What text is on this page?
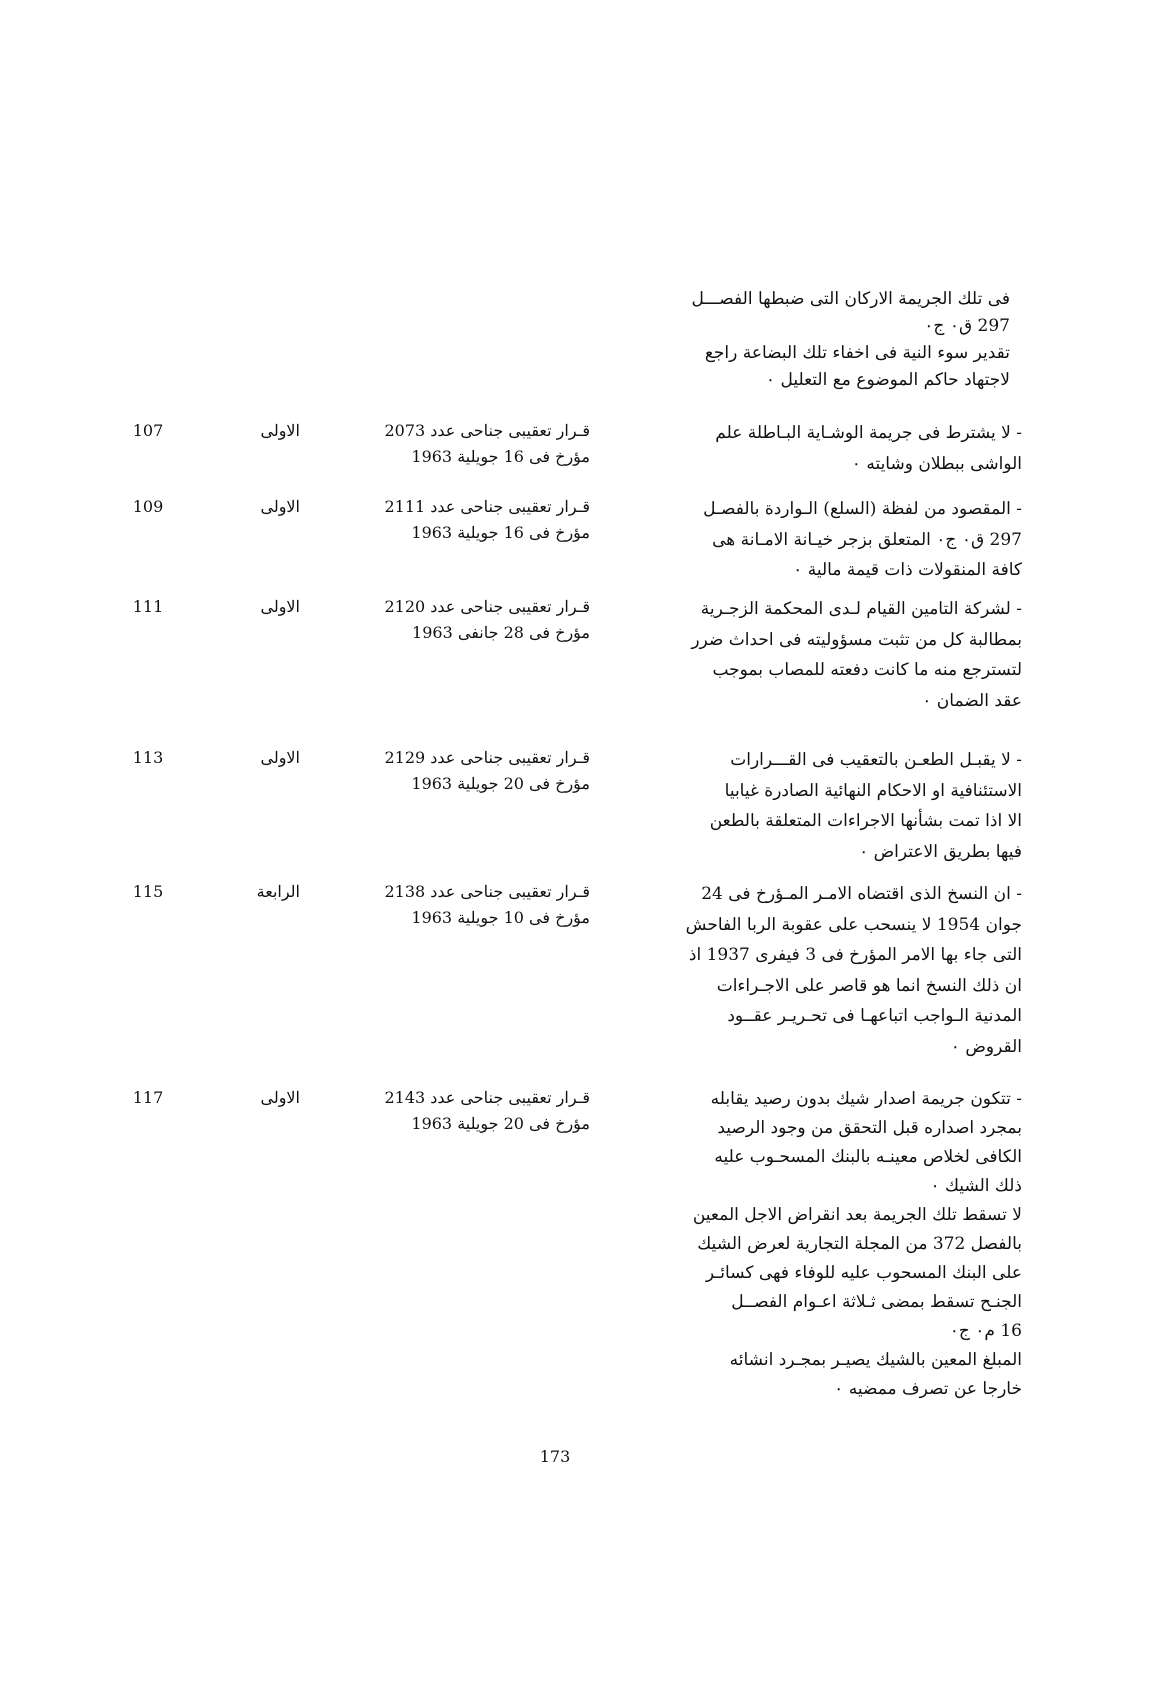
فى تلك الجريمة الاركان التى ضبطها الفصـــل

297 ق٠ ج٠

تقدير سوء النية فى اخفاء تلك البضاعة راجع

لاجتهاد حاكم الموضوع مع التعليل ٠

- لا يشترط فى جريمة الوشـاية البـاطلة علم

الواشى ببطلان وشايته ٠

قـرار تعقيبى جناحى عدد 2073
مؤرخ فى 16 جويلية 1963
الاولى
107

- المقصود من لفظة (السلع) الـواردة بالفصـل

297 ق٠ ج٠ المتعلق بزجر خيـانة الامـانة هى

كافة المنقولات ذات قيمة مالية ٠

قـرار تعقيبى جناحى عدد 2111
مؤرخ فى 16 جويلية 1963
الاولى
109

- لشركة التامين القيام لـدى المحكمة الزجـرية

بمطالبة كل من تثبت مسؤوليته فى احداث ضرر

لتسترجع منه ما كانت دفعته للمصاب بموجب

عقد الضمان ٠

قـرار تعقيبى جناحى عدد 2120
مؤرخ فى 28 جانفى 1963
الاولى
111

- لا يقبـل الطعـن بالتعقيب فى القـــرارات

الاستئنافية او الاحكام النهائية الصادرة غيابيا

الا اذا تمت بشأنها الاجراءات المتعلقة بالطعن

فيها بطريق الاعتراض ٠

قـرار تعقيبى جناحى عدد 2129
مؤرخ فى 20 جويلية 1963
الاولى
113

- ان النسخ الذى اقتضاه الامـر المـؤرخ فى 24

جوان 1954 لا ينسحب على عقوبة الربا الفاحش

التى جاء بها الامر المؤرخ فى 3 فيفرى 1937 اذ

ان ذلك النسخ انما هو قاصر على الاجـراءات

المدنية الـواجب اتباعهـا فى تحـريـر عقــود

القروض ٠

قـرار تعقيبى جناحى عدد 2138
مؤرخ فى 10 جويلية 1963
الرابعة
115

- تتكون جريمة اصدار شيك بدون رصيد يقابله

بمجرد اصداره قبل التحقق من وجود الرصيد

الكافى لخلاص معينـه بالبنك المسحـوب عليه

ذلك الشيك ٠

لا تسقط تلك الجريمة بعد انقراض الاجل المعين

بالفصل 372 من المجلة التجارية لعرض الشيك

على البنك المسحوب عليه للوفاء فهى كسائـر

الجنـح تسقط بمضى ثـلاثة اعـوام الفصــل

16 م٠ ج٠

المبلغ المعين بالشيك يصيـر بمجـرد انشائه

خارجا عن تصرف ممضيه ٠

قـرار تعقيبى جناحى عدد 2143
مؤرخ فى 20 جويلية 1963
الاولى
117
173
